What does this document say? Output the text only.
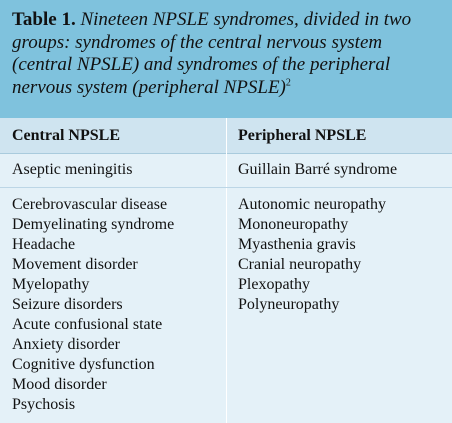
Table 1. Nineteen NPSLE syndromes, divided in two groups: syndromes of the central nervous system (central NPSLE) and syndromes of the peripheral nervous system (peripheral NPSLE)$^2$
Central NPSLE	Peripheral NPSLE
Aseptic meningitis	Guillain Barré syndrome
Cerebrovascular disease
Demyelinating syndrome
Headache
Movement disorder
Myelopathy
Seizure disorders
Acute confusional state
Anxiety disorder
Cognitive dysfunction
Mood disorder
Psychosis
Autonomic neuropathy
Mononeuropathy
Myasthenia gravis
Cranial neuropathy
Plexopathy
Polyneuropathy
